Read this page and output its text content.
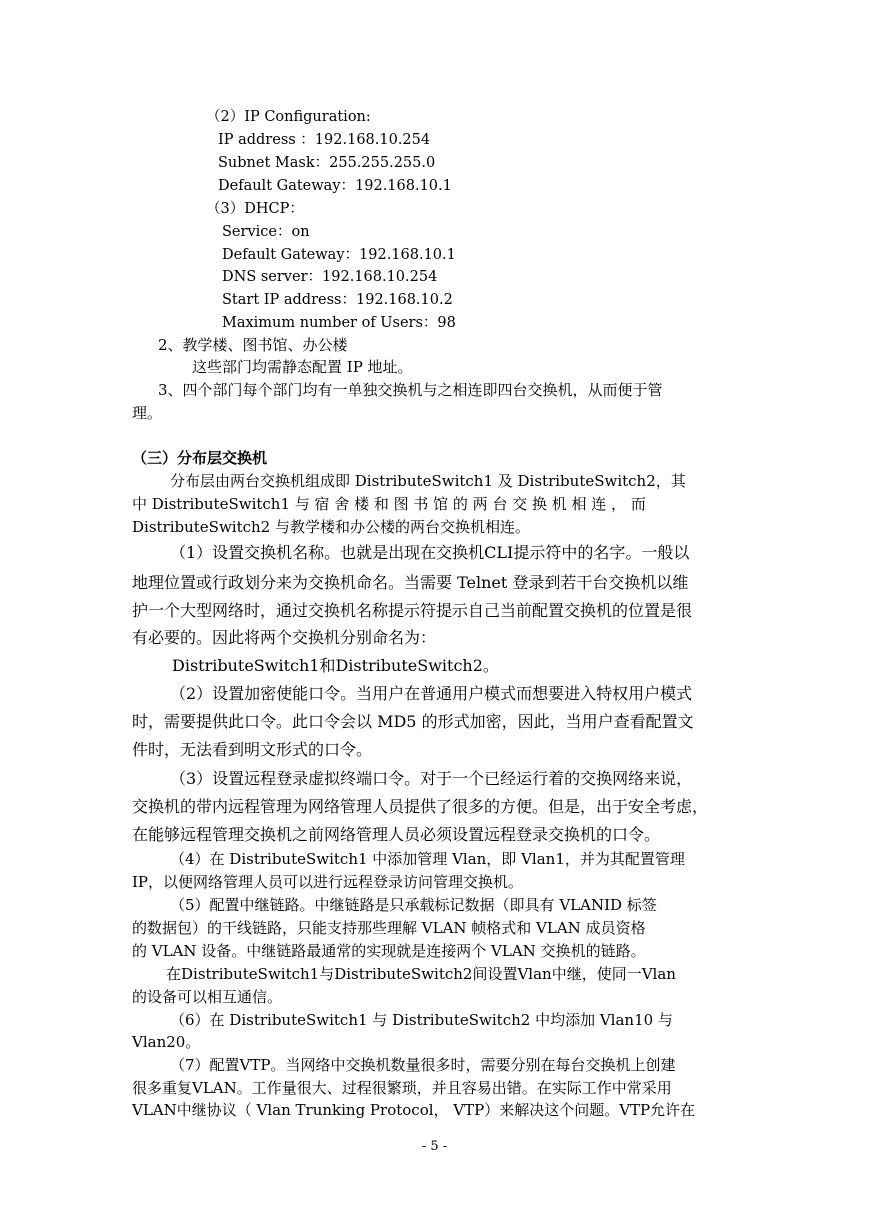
（2）IP Configuration:
IP address ：192.168.10.254
Subnet Mask：255.255.255.0
Default Gateway：192.168.10.1
（3）DHCP：
Service：on
Default Gateway：192.168.10.1
DNS server：192.168.10.254
Start IP address：192.168.10.2
Maximum number of Users：98
2、教学楼、图书馆、办公楼
这些部门均需静态配置 IP 地址。
3、四个部门每个部门均有一单独交换机与之相连即四台交换机，从而便于管
理。
（三）分布层交换机
分布层由两台交换机组成即 DistributeSwitch1 及 DistributeSwitch2，其
中 DistributeSwitch1 与 宿 舍 楼 和 图 书 馆 的 两 台 交 换 机 相 连 ， 而
DistributeSwitch2 与教学楼和办公楼的两台交换机相连。
（1）设置交换机名称。也就是出现在交换机CLI提示符中的名字。一般以
地理位置或行政划分来为交换机命名。当需要 Telnet 登录到若干台交换机以维
护一个大型网络时，通过交换机名称提示符提示自己当前配置交换机的位置是很
有必要的。因此将两个交换机分别命名为：
DistributeSwitch1和DistributeSwitch2。
（2）设置加密使能口令。当用户在普通用户模式而想要进入特权用户模式
时，需要提供此口令。此口令会以 MD5 的形式加密，因此，当用户查看配置文
件时，无法看到明文形式的口令。
（3）设置远程登录虚拟终端口令。对于一个已经运行着的交换网络来说，
交换机的带内远程管理为网络管理人员提供了很多的方便。但是，出于安全考虑，
在能够远程管理交换机之前网络管理人员必须设置远程登录交换机的口令。
（4）在 DistributeSwitch1 中添加管理 Vlan，即 Vlan1，并为其配置管理
IP，以便网络管理人员可以进行远程登录访问管理交换机。
（5）配置中继链路。中继链路是只承载标记数据（即具有 VLANID 标签
的数据包）的干线链路，只能支持那些理解 VLAN 帧格式和 VLAN 成员资格
的 VLAN 设备。中继链路最通常的实现就是连接两个 VLAN 交换机的链路。
在DistributeSwitch1与DistributeSwitch2间设置Vlan中继，使同一Vlan
的设备可以相互通信。
（6）在 DistributeSwitch1 与 DistributeSwitch2 中均添加 Vlan10 与
Vlan20。
（7）配置VTP。当网络中交换机数量很多时，需要分别在每台交换机上创建
很多重复VLAN。工作量很大、过程很繁琐，并且容易出错。在实际工作中常采用
VLAN中继协议（ Vlan Trunking Protocol， VTP）来解决这个问题。VTP允许在
- 5 -
